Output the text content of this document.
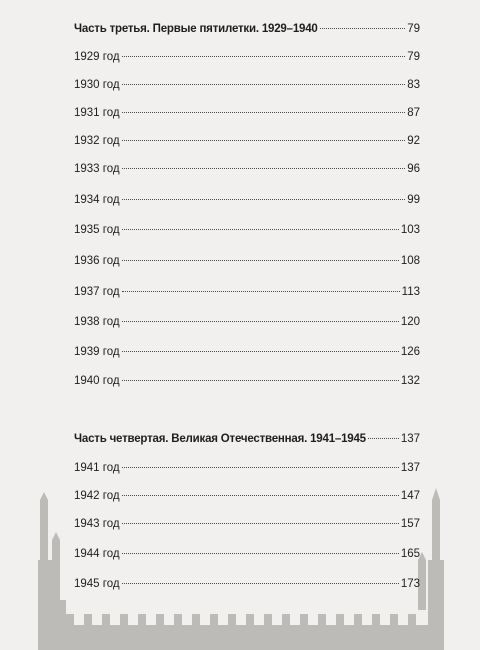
Часть третья. Первые пятилетки. 1929–1940	79
1929 год	79
1930 год	83
1931 год	87
1932 год	92
1933 год	96
1934 год	99
1935 год	103
1936 год	108
1937 год	113
1938 год	120
1939 год	126
1940 год	132
Часть четвертая. Великая Отечественная. 1941–1945	137
1941 год	137
1942 год	147
1943 год	157
1944 год	165
1945 год	173
